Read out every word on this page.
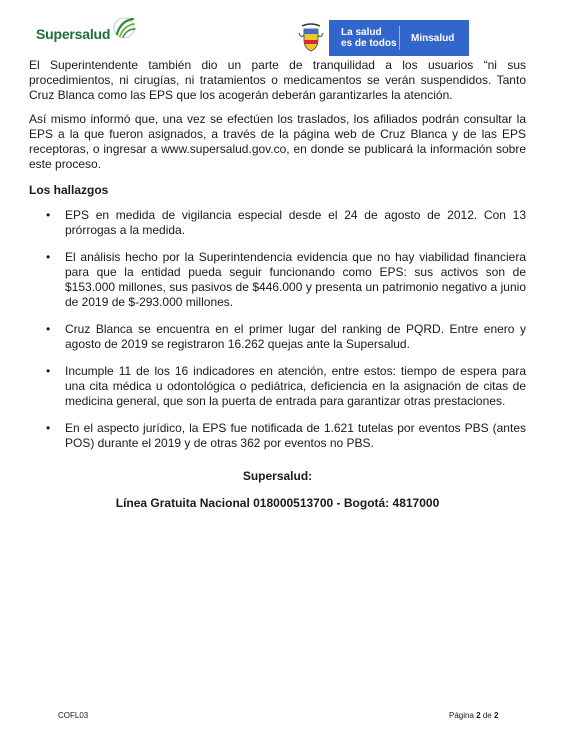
Supersalud	La salud
es de todos	Minsalud

El Superintendente también dio un parte de tranquilidad a los usuarios “ni sus procedimientos, ni cirugías, ni tratamientos o medicamentos se verán suspendidos. Tanto Cruz Blanca como las EPS que los acogerán deberán garantizarles la atención.

Así mismo informó que, una vez se efectúen los traslados, los afiliados podrán consultar la EPS a la que fueron asignados, a través de la página web de Cruz Blanca y de las EPS receptoras, o ingresar a www.supersalud.gov.co, en donde se publicará la información sobre este proceso.

Los hallazgos
• EPS en medida de vigilancia especial desde el 24 de agosto de 2012. Con 13 prórrogas a la medida.
• El análisis hecho por la Superintendencia evidencia que no hay viabilidad financiera para que la entidad pueda seguir funcionando como EPS: sus activos son de $153.000 millones, sus pasivos de $446.000 y presenta un patrimonio negativo a junio de 2019 de $-293.000 millones.
• Cruz Blanca se encuentra en el primer lugar del ranking de PQRD. Entre enero y agosto de 2019 se registraron 16.262 quejas ante la Supersalud.
• Incumple 11 de los 16 indicadores en atención, entre estos: tiempo de espera para una cita médica u odontológica o pediátrica, deficiencia en la asignación de citas de medicina general, que son la puerta de entrada para garantizar otras prestaciones.
• En el aspecto jurídico, la EPS fue notificada de 1.621 tutelas por eventos PBS (antes POS) durante el 2019 y de otras 362 por eventos no PBS.
Supersalud:
Línea Gratuita Nacional 018000513700 - Bogotá: 4817000
COFL03	Página 2 de 2
